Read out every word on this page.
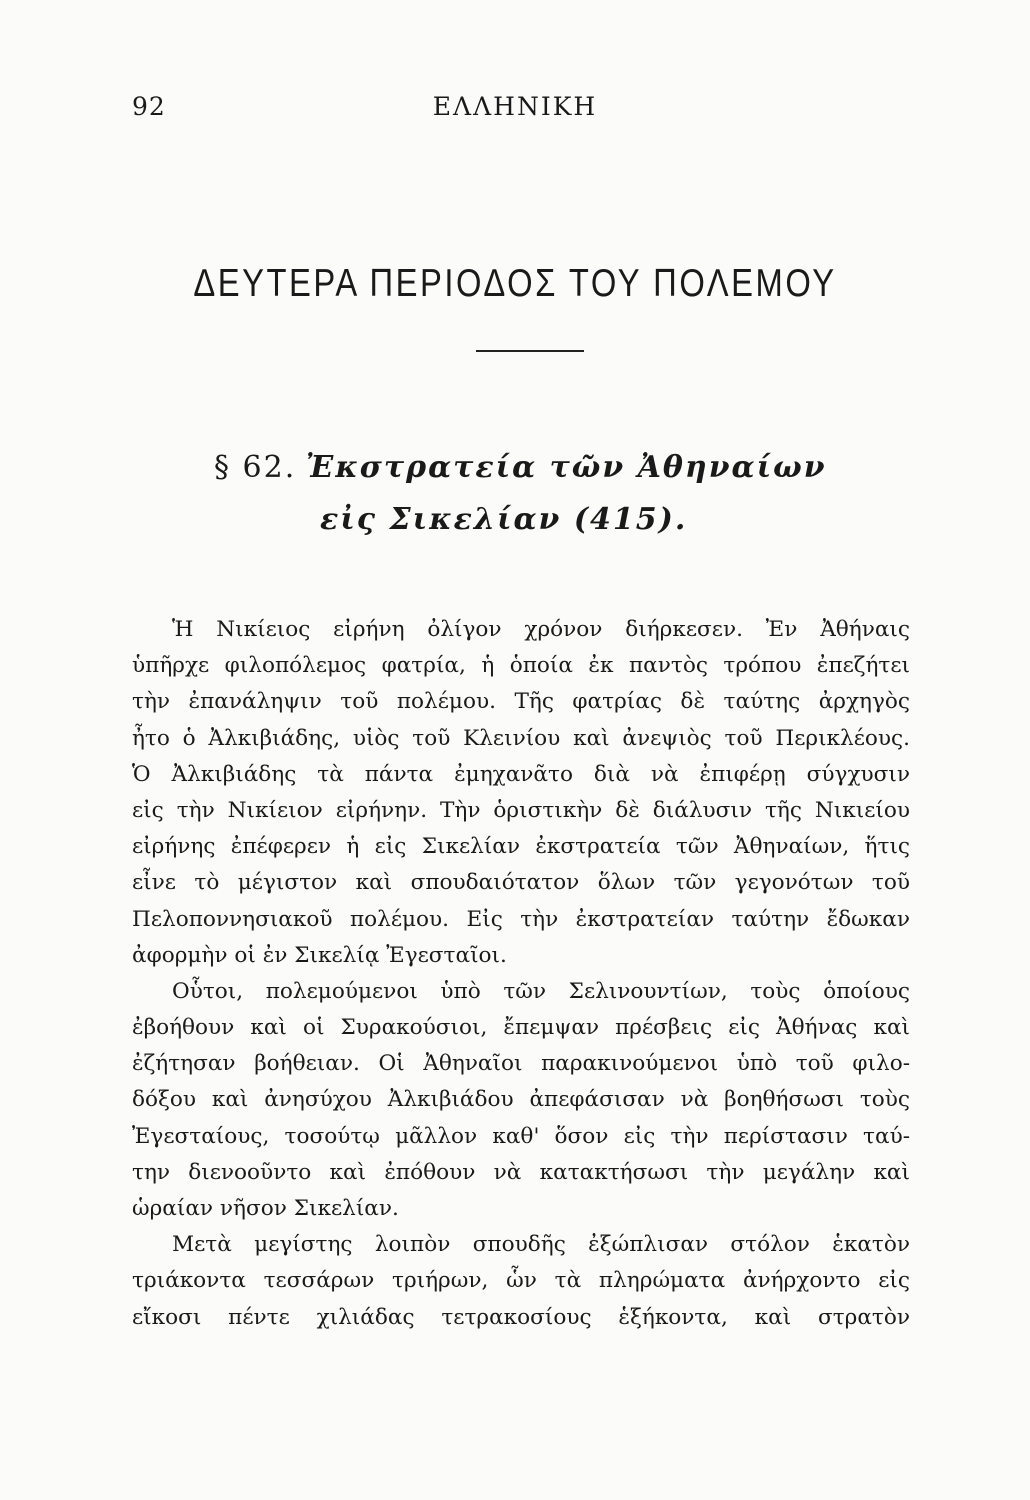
92	ΕΛΛΗΝΙΚΗ
ΔΕΥΤΕΡΑ ΠΕΡΙΟΔΟΣ ΤΟΥ ΠΟΛΕΜΟΥ
§ 62. Ἐκστρατεία τῶν Ἀθηναίων
εἰς Σικελίαν (415).
Ἡ Νικίειος εἰρήνη ὀλίγον χρόνον διήρκεσεν. Ἐν Ἀθήναις
ὑπῆρχε φιλοπόλεμος φατρία, ἡ ὁποία ἐκ παντὸς τρόπου ἐπεζήτει
τὴν ἐπανάληψιν τοῦ πολέμου. Τῆς φατρίας δὲ ταύτης ἀρχηγὸς
ἦτο ὁ Ἀλκιβιάδης, υἱὸς τοῦ Κλεινίου καὶ ἀνεψιὸς τοῦ Περικλέους.
Ὁ Ἀλκιβιάδης τὰ πάντα ἐμηχανᾶτο διὰ νὰ ἐπιφέρῃ σύγχυσιν
εἰς τὴν Νικίειον εἰρήνην. Τὴν ὁριστικὴν δὲ διάλυσιν τῆς Νικιείου
εἰρήνης ἐπέφερεν ἡ εἰς Σικελίαν ἐκστρατεία τῶν Ἀθηναίων, ἥτις
εἶνε τὸ μέγιστον καὶ σπουδαιότατον ὅλων τῶν γεγονότων τοῦ
Πελοποννησιακοῦ πολέμου. Εἰς τὴν ἐκστρατείαν ταύτην ἔδωκαν
ἀφορμὴν οἱ ἐν Σικελίᾳ Ἐγεσταῖοι.
Οὗτοι, πολεμούμενοι ὑπὸ τῶν Σελινουντίων, τοὺς ὁποίους
ἐβοήθουν καὶ οἱ Συρακούσιοι, ἔπεμψαν πρέσβεις εἰς Ἀθήνας καὶ
ἐζήτησαν βοήθειαν. Οἱ Ἀθηναῖοι παρακινούμενοι ὑπὸ τοῦ φιλο-
δόξου καὶ ἀνησύχου Ἀλκιβιάδου ἀπεφάσισαν νὰ βοηθήσωσι τοὺς
Ἐγεσταίους, τοσούτῳ μᾶλλον καθ' ὅσον εἰς τὴν περίστασιν ταύ-
την διενοοῦντο καὶ ἐπόθουν νὰ κατακτήσωσι τὴν μεγάλην καὶ
ὡραίαν νῆσον Σικελίαν.
Μετὰ μεγίστης λοιπὸν σπουδῆς ἐξώπλισαν στόλον ἑκατὸν
τριάκοντα τεσσάρων τριήρων, ὧν τὰ πληρώματα ἀνήρχοντο εἰς
εἴκοσι πέντε χιλιάδας τετρακοσίους ἑξήκοντα, καὶ στρατὸν
